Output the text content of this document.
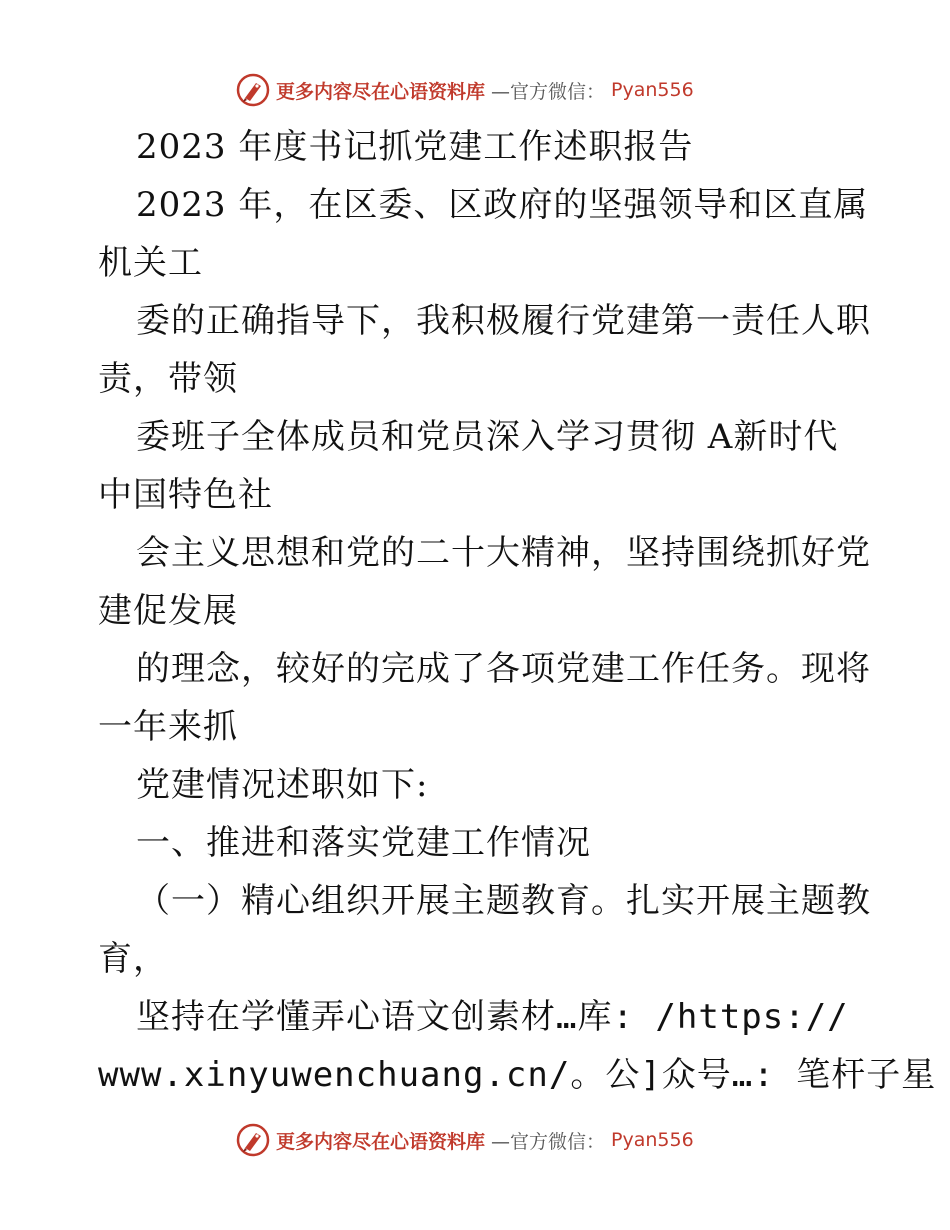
更多内容尽在心语资料库 —官方微信： Pyan556
2023 年度书记抓党建工作述职报告
2023 年，在区委、区政府的坚强领导和区直属
机关工
委的正确指导下，我积极履行党建第一责任人职
责，带领
委班子全体成员和党员深入学习贯彻 A新时代
中国特色社
会主义思想和党的二十大精神，坚持围绕抓好党
建促发展
的理念，较好的完成了各项党建工作任务。现将
一年来抓
党建情况述职如下:
一、推进和落实党建工作情况
（一）精心组织开展主题教育。扎实开展主题教
育，
坚持在学懂弄心语文创素材…库: /https://
www.xinyuwenchuang.cn/。公]众号…: 笔杆子星
更多内容尽在心语资料库 —官方微信： Pyan556
